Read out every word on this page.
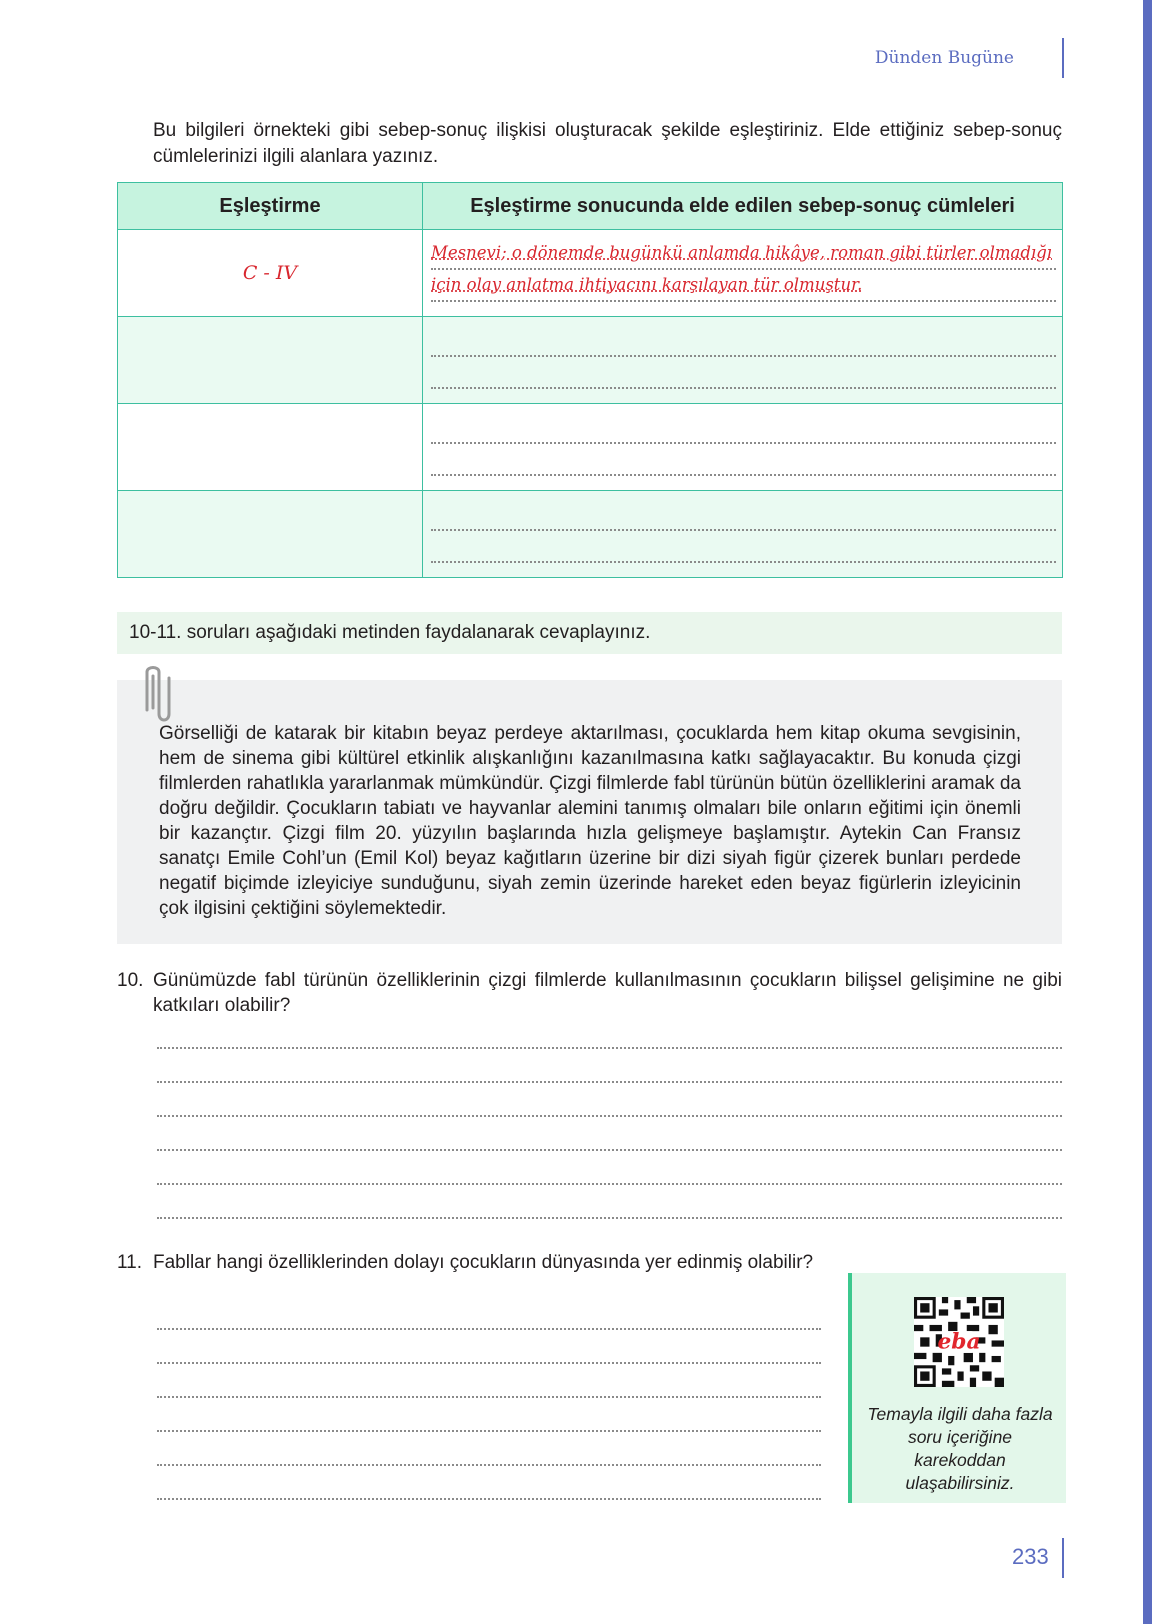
Dünden Bugüne
Bu bilgileri örnekteki gibi sebep-sonuç ilişkisi oluşturacak şekilde eşleştiriniz. Elde ettiğiniz sebep-sonuç cümlelerinizi ilgili alanlara yazınız.
Eşleştirme	Eşleştirme sonucunda elde edilen sebep-sonuç cümleleri
C - IV	Mesnevi; o dönemde bugünkü anlamda hikâye, roman gibi türler olmadığı
için olay anlatma ihtiyacını karşılayan tür olmuştur.

10-11. soruları aşağıdaki metinden faydalanarak cevaplayınız.
Görselliği de katarak bir kitabın beyaz perdeye aktarılması, çocuklarda hem kitap okuma sevgisinin, hem de sinema gibi kültürel etkinlik alışkanlığını kazanılmasına katkı sağlayacaktır. Bu konuda çizgi filmlerden rahatlıkla yararlanmak mümkündür. Çizgi filmlerde fabl türünün bütün özelliklerini aramak da doğru değildir. Çocukların tabiatı ve hayvanlar alemini tanımış olmaları bile onların eğitimi için önemli bir kazançtır. Çizgi film 20. yüzyılın başlarında hızla gelişmeye başlamıştır. Aytekin Can Fransız sanatçı Emile Cohl’un (Emil Kol) beyaz kağıtların üzerine bir dizi siyah figür çizerek bunları perdede negatif biçimde izleyiciye sunduğunu, siyah zemin üzerinde hareket eden beyaz figürlerin izleyicinin çok ilgisini çektiğini söylemektedir.
10. Günümüzde fabl türünün özelliklerinin çizgi filmlerde kullanılmasının çocukların bilişsel gelişimine ne gibi katkıları olabilir?
11. Fabllar hangi özelliklerinden dolayı çocukların dünyasında yer edinmiş olabilir?
eba
Temayla ilgili daha fazla soru içeriğine karekoddan ulaşabilirsiniz.
233
